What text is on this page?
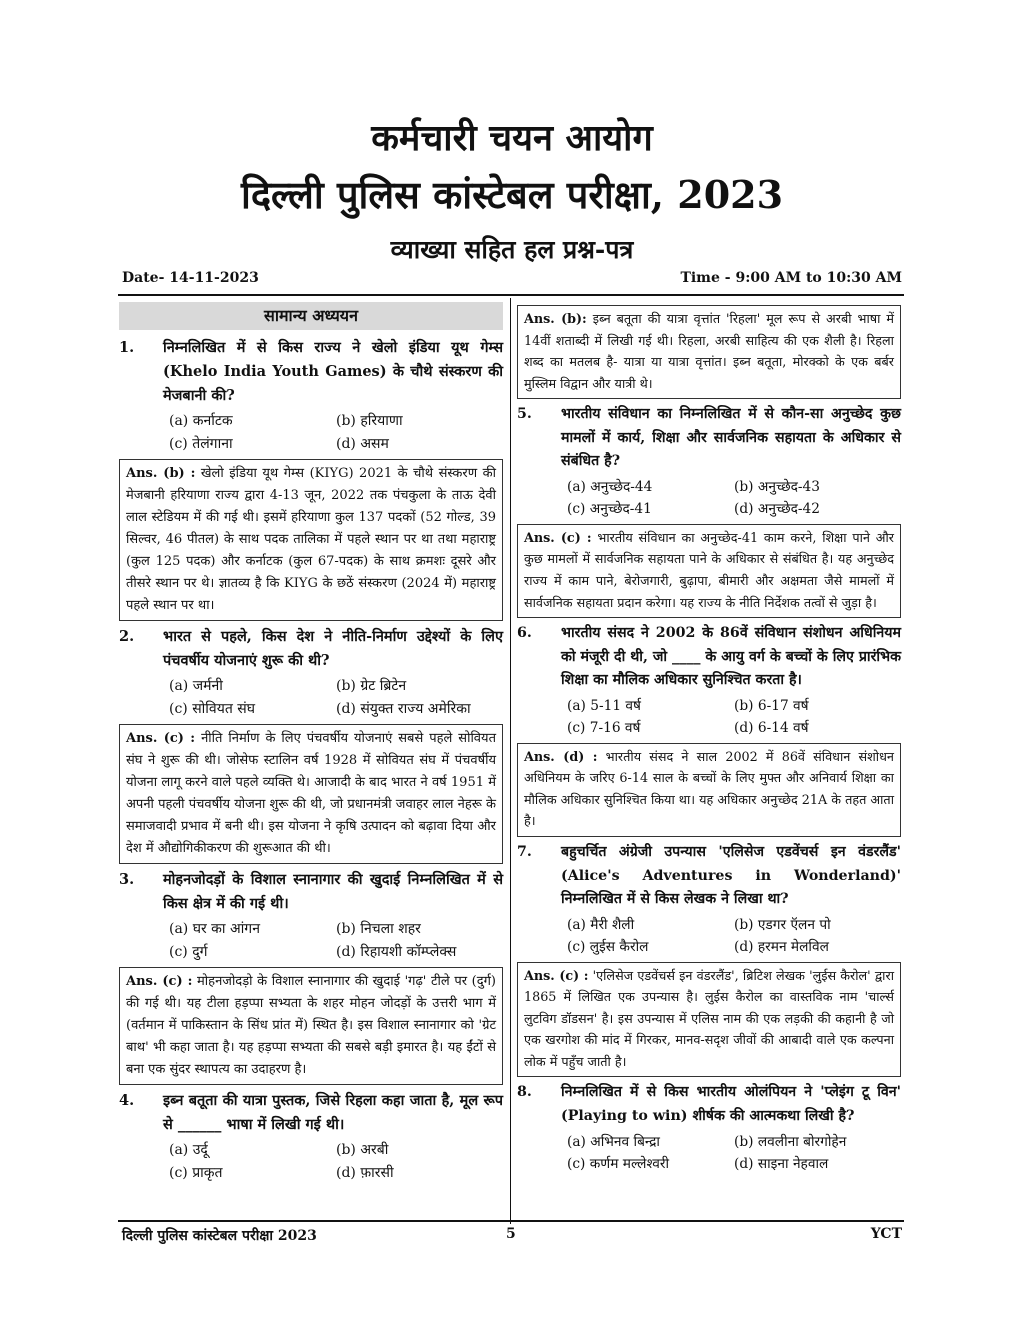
कर्मचारी चयन आयोग
दिल्ली पुलिस कांस्टेबल परीक्षा, 2023
व्याख्या सहित हल प्रश्न-पत्र
Date- 14-11-2023	Time - 9:00 AM to 10:30 AM
सामान्य अध्ययन
1.	निम्नलिखित में से किस राज्य ने खेलो इंडिया यूथ गेम्स (Khelo India Youth Games) के चौथे संस्करण की मेजबानी की?
(a) कर्नाटक	(b) हरियाणा
(c) तेलंगाना	(d) असम
Ans. (b) : खेलो इंडिया यूथ गेम्स (KIYG) 2021 के चौथे संस्करण की मेजबानी हरियाणा राज्य द्वारा 4-13 जून, 2022 तक पंचकुला के ताऊ देवी लाल स्टेडियम में की गई थी। इसमें हरियाणा कुल 137 पदकों (52 गोल्ड, 39 सिल्वर, 46 पीतल) के साथ पदक तालिका में पहले स्थान पर था तथा महाराष्ट्र (कुल 125 पदक) और कर्नाटक (कुल 67-पदक) के साथ क्रमशः दूसरे और तीसरे स्थान पर थे। ज्ञातव्य है कि KIYG के छठें संस्करण (2024 में) महाराष्ट्र पहले स्थान पर था।
2.	भारत से पहले, किस देश ने नीति-निर्माण उद्देश्यों के लिए पंचवर्षीय योजनाएं शुरू की थी?
(a) जर्मनी	(b) ग्रेट ब्रिटेन
(c) सोवियत संघ	(d) संयुक्त राज्य अमेरिका
Ans. (c) : नीति निर्माण के लिए पंचवर्षीय योजनाएं सबसे पहले सोवियत संघ ने शुरू की थी। जोसेफ स्टालिन वर्ष 1928 में सोवियत संघ में पंचवर्षीय योजना लागू करने वाले पहले व्यक्ति थे। आजादी के बाद भारत ने वर्ष 1951 में अपनी पहली पंचवर्षीय योजना शुरू की थी, जो प्रधानमंत्री जवाहर लाल नेहरू के समाजवादी प्रभाव में बनी थी। इस योजना ने कृषि उत्पादन को बढ़ावा दिया और देश में औद्योगिकीकरण की शुरूआत की थी।
3.	मोहनजोदड़ों के विशाल स्नानागार की खुदाई निम्नलिखित में से किस क्षेत्र में की गई थी।
(a) घर का आंगन	(b) निचला शहर
(c) दुर्ग	(d) रिहायशी कॉम्प्लेक्स
Ans. (c) : मोहनजोदड़ो के विशाल स्नानागार की खुदाई 'गढ़' टीले पर (दुर्ग) की गई थी। यह टीला हड़प्पा सभ्यता के शहर मोहन जोदड़ों के उत्तरी भाग में (वर्तमान में पाकिस्तान के सिंध प्रांत में) स्थित है। इस विशाल स्नानागार को 'ग्रेट बाथ' भी कहा जाता है। यह हड़प्पा सभ्यता की सबसे बड़ी इमारत है। यह ईंटों से बना एक सुंदर स्थापत्य का उदाहरण है।
4.	इब्न बतूता की यात्रा पुस्तक, जिसे रिहला कहा जाता है, मूल रूप से ______ भाषा में लिखी गई थी।
(a) उर्दू	(b) अरबी
(c) प्राकृत	(d) फ़ारसी
Ans. (b): इब्न बतूता की यात्रा वृत्तांत 'रिहला' मूल रूप से अरबी भाषा में 14वीं शताब्दी में लिखी गई थी। रिहला, अरबी साहित्य की एक शैली है। रिहला शब्द का मतलब है- यात्रा या यात्रा वृत्तांत। इब्न बतूता, मोरक्को के एक बर्बर मुस्लिम विद्वान और यात्री थे।
5.	भारतीय संविधान का निम्नलिखित में से कौन-सा अनुच्छेद कुछ मामलों में कार्य, शिक्षा और सार्वजनिक सहायता के अधिकार से संबंधित है?
(a) अनुच्छेद-44	(b) अनुच्छेद-43
(c) अनुच्छेद-41	(d) अनुच्छेद-42
Ans. (c) : भारतीय संविधान का अनुच्छेद-41 काम करने, शिक्षा पाने और कुछ मामलों में सार्वजनिक सहायता पाने के अधिकार से संबंधित है। यह अनुच्छेद राज्य में काम पाने, बेरोजगारी, बुढ़ापा, बीमारी और अक्षमता जैसे मामलों में सार्वजनिक सहायता प्रदान करेगा। यह राज्य के नीति निर्देशक तत्वों से जुड़ा है।
6.	भारतीय संसद ने 2002 के 86वें संविधान संशोधन अधिनियम को मंजूरी दी थी, जो ____ के आयु वर्ग के बच्चों के लिए प्रारंभिक शिक्षा का मौलिक अधिकार सुनिश्चित करता है।
(a) 5-11 वर्ष	(b) 6-17 वर्ष
(c) 7-16 वर्ष	(d) 6-14 वर्ष
Ans. (d) : भारतीय संसद ने साल 2002 में 86वें संविधान संशोधन अधिनियम के जरिए 6-14 साल के बच्चों के लिए मुफ्त और अनिवार्य शिक्षा का मौलिक अधिकार सुनिश्चित किया था। यह अधिकार अनुच्छेद 21A के तहत आता है।
7.	बहुचर्चित अंग्रेजी उपन्यास 'एलिसेज एडवेंचर्स इन वंडरलैंड' (Alice's Adventures in Wonderland)' निम्नलिखित में से किस लेखक ने लिखा था?
(a) मैरी शैली	(b) एडगर ऍलन पो
(c) लुईस कैरोल	(d) हरमन मेलविल
Ans. (c) : 'एलिसेज एडवेंचर्स इन वंडरलैंड', ब्रिटिश लेखक 'लुईस कैरोल' द्वारा 1865 में लिखित एक उपन्यास है। लुईस कैरोल का वास्तविक नाम 'चार्ल्स लुटविग डॉडसन' है। इस उपन्यास में एलिस नाम की एक लड़की की कहानी है जो एक खरगोश की मांद में गिरकर, मानव-सदृश जीवों की आबादी वाले एक कल्पना लोक में पहुँच जाती है।
8.	निम्नलिखित में से किस भारतीय ओलंपियन ने 'प्लेइंग टू विन' (Playing to win) शीर्षक की आत्मकथा लिखी है?
(a) अभिनव बिन्द्रा	(b) लवलीना बोरगोहेन
(c) कर्णम मल्लेश्वरी	(d) साइना नेहवाल
दिल्ली पुलिस कांस्टेबल परीक्षा 2023	5	YCT
